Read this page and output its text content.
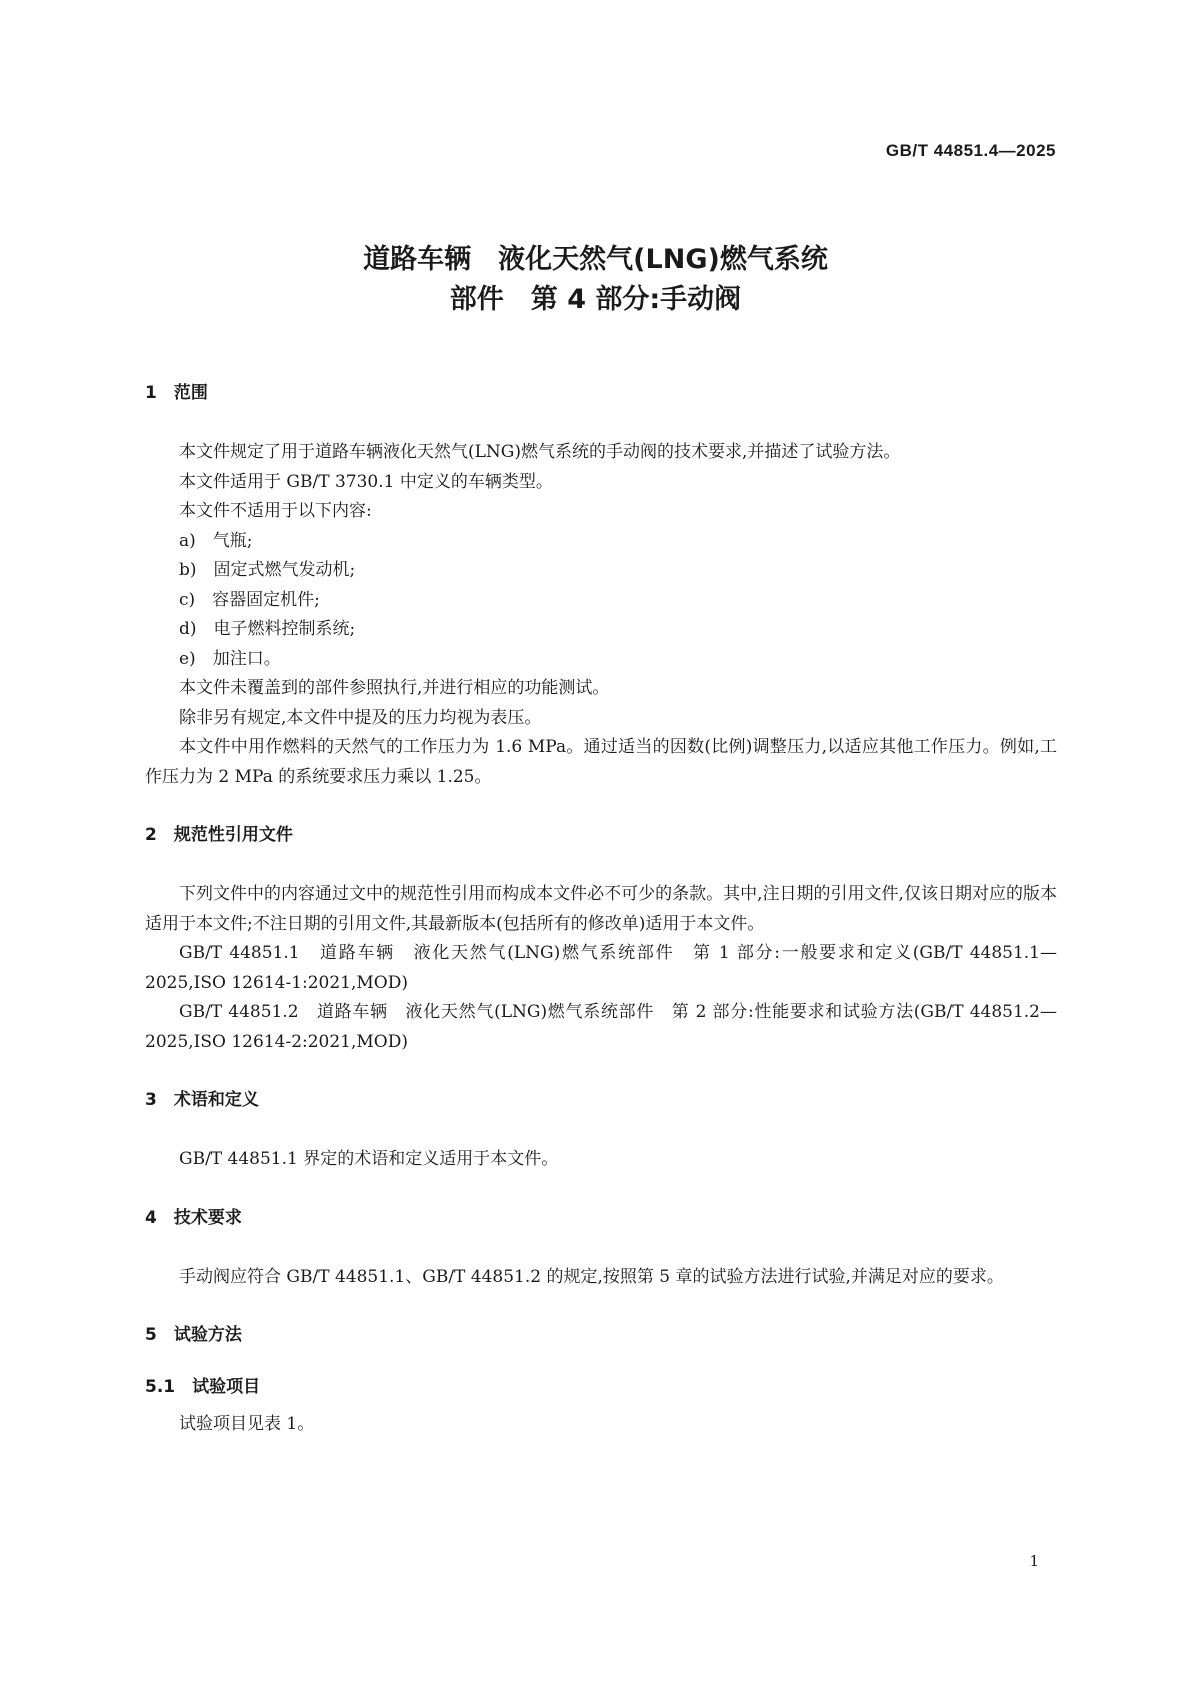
GB/T 44851.4—2025
道路车辆　液化天然气(LNG)燃气系统
部件　第 4 部分:手动阀
1　范围

本文件规定了用于道路车辆液化天然气(LNG)燃气系统的手动阀的技术要求,并描述了试验方法。

本文件适用于 GB/T 3730.1 中定义的车辆类型。

本文件不适用于以下内容:

a)　气瓶;
b)　固定式燃气发动机;
c)　容器固定机件;
d)　电子燃料控制系统;
e)　加注口。

本文件未覆盖到的部件参照执行,并进行相应的功能测试。

除非另有规定,本文件中提及的压力均视为表压。

本文件中用作燃料的天然气的工作压力为 1.6 MPa。通过适当的因数(比例)调整压力,以适应其他工作压力。例如,工作压力为 2 MPa 的系统要求压力乘以 1.25。

2　规范性引用文件

下列文件中的内容通过文中的规范性引用而构成本文件必不可少的条款。其中,注日期的引用文件,仅该日期对应的版本适用于本文件;不注日期的引用文件,其最新版本(包括所有的修改单)适用于本文件。

GB/T 44851.1　道路车辆　液化天然气(LNG)燃气系统部件　第 1 部分:一般要求和定义(GB/T 44851.1—2025,ISO 12614-1:2021,MOD)

GB/T 44851.2　道路车辆　液化天然气(LNG)燃气系统部件　第 2 部分:性能要求和试验方法(GB/T 44851.2—2025,ISO 12614-2:2021,MOD)

3　术语和定义

GB/T 44851.1 界定的术语和定义适用于本文件。

4　技术要求

手动阀应符合 GB/T 44851.1、GB/T 44851.2 的规定,按照第 5 章的试验方法进行试验,并满足对应的要求。

5　试验方法
5.1　试验项目

试验项目见表 1。

1
